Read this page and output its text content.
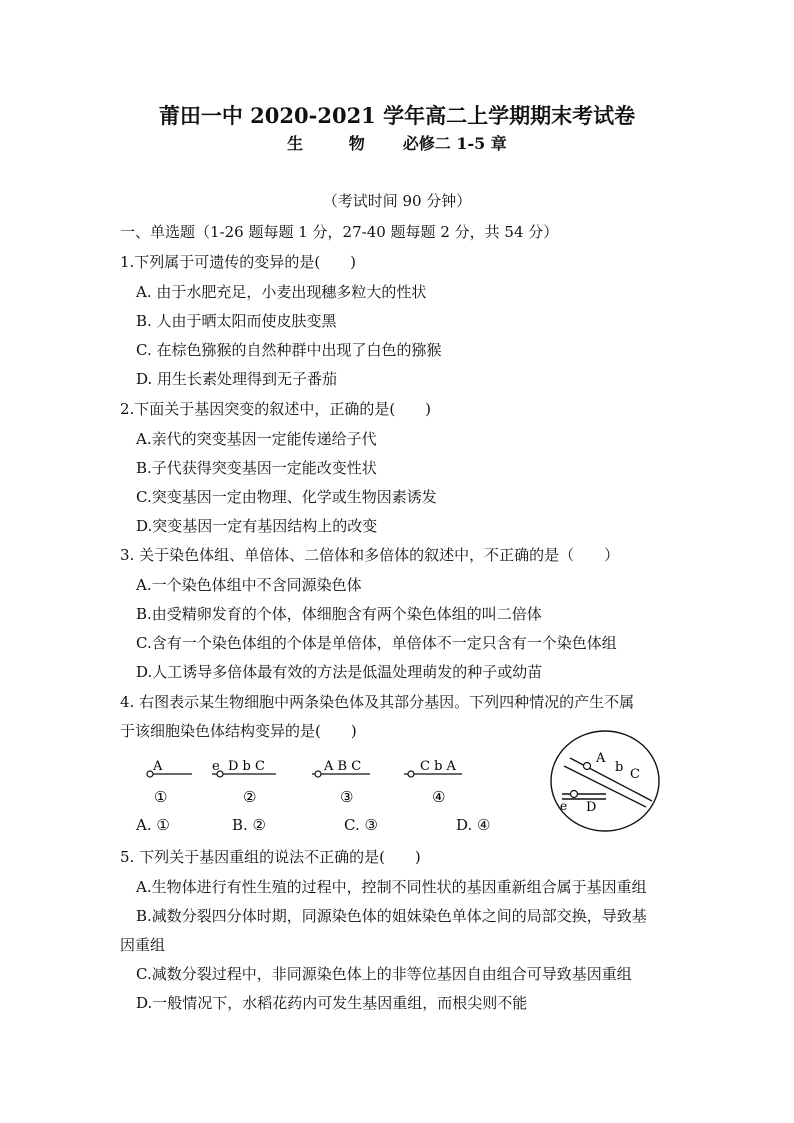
莆田一中 2020-2021 学年高二上学期期末考试卷
生 物 必修二 1-5 章
（考试时间 90 分钟）
一、单选题（1-26 题每题 1 分，27-40 题每题 2 分，共 54 分）
1.下列属于可遗传的变异的是(　　)
A. 由于水肥充足，小麦出现穗多粒大的性状
B. 人由于晒太阳而使皮肤变黑
C. 在棕色猕猴的自然种群中出现了白色的猕猴
D. 用生长素处理得到无子番茄
2.下面关于基因突变的叙述中，正确的是(　　)
A.亲代的突变基因一定能传递给子代
B.子代获得突变基因一定能改变性状
C.突变基因一定由物理、化学或生物因素诱发
D.突变基因一定有基因结构上的改变
3. 关于染色体组、单倍体、二倍体和多倍体的叙述中，不正确的是（　　）
A.一个染色体组中不含同源染色体
B.由受精卵发育的个体，体细胞含有两个染色体组的叫二倍体
C.含有一个染色体组的个体是单倍体，单倍体不一定只含有一个染色体组
D.人工诱导多倍体最有效的方法是低温处理萌发的种子或幼苗
4. 右图表示某生物细胞中两条染色体及其部分基因。下列四种情况的产生不属
于该细胞染色体结构变异的是(　　)
A
①
e D b C
②
A B C
③
C b A
④
A. ①	B. ②	C. ③	D. ④
A
b C
e D
5. 下列关于基因重组的说法不正确的是(　　)
A.生物体进行有性生殖的过程中，控制不同性状的基因重新组合属于基因重组
B.减数分裂四分体时期，同源染色体的姐妹染色单体之间的局部交换，导致基
因重组
C.减数分裂过程中，非同源染色体上的非等位基因自由组合可导致基因重组
D.一般情况下，水稻花药内可发生基因重组，而根尖则不能
